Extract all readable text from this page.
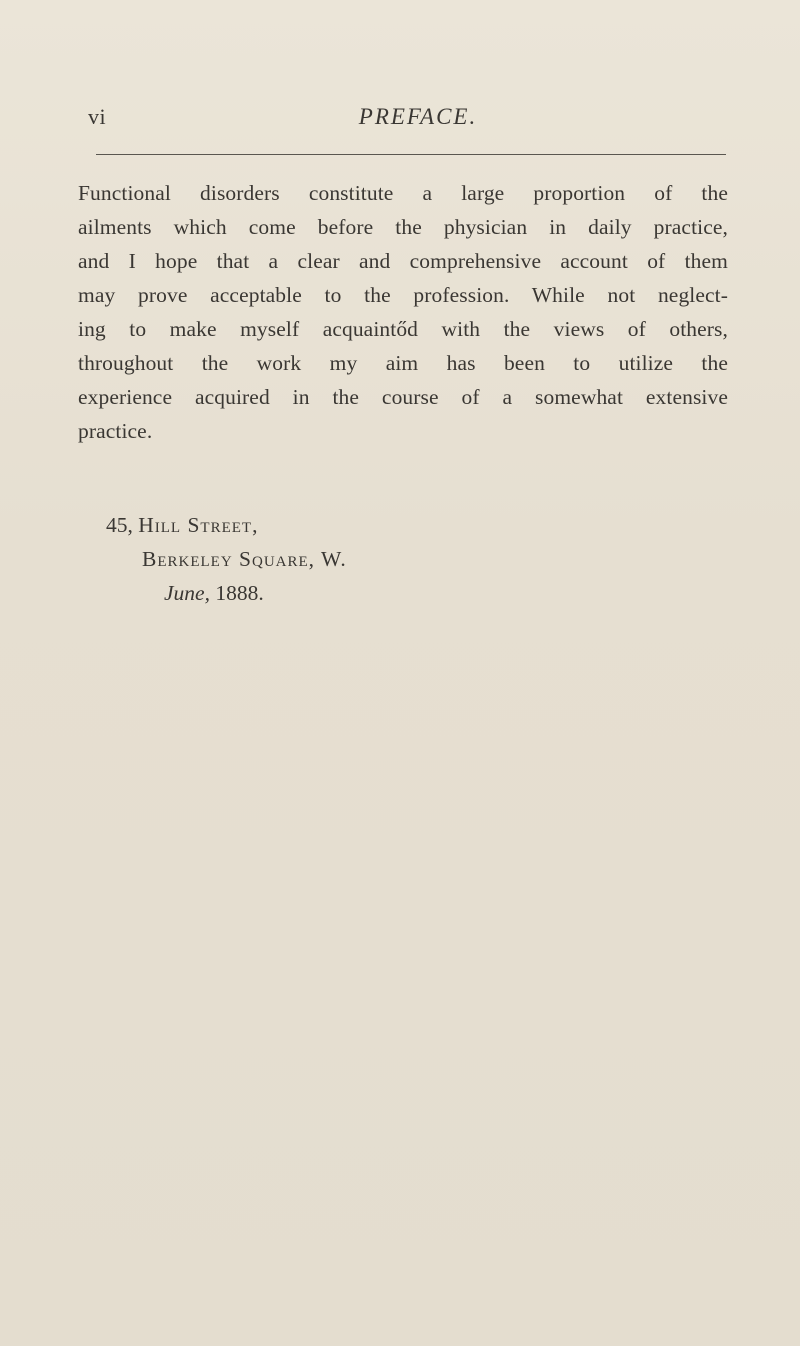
vi	PREFACE.

Functional disorders constitute a large proportion of the
ailments which come before the physician in daily practice,
and I hope that a clear and comprehensive account of them
may prove acceptable to the profession. While not neglect-
ing to make myself acquaintőd with the views of others,
throughout the work my aim has been to utilize the
experience acquired in the course of a somewhat extensive
practice.

45, Hill Street,
Berkeley Square, W.
June, 1888.
